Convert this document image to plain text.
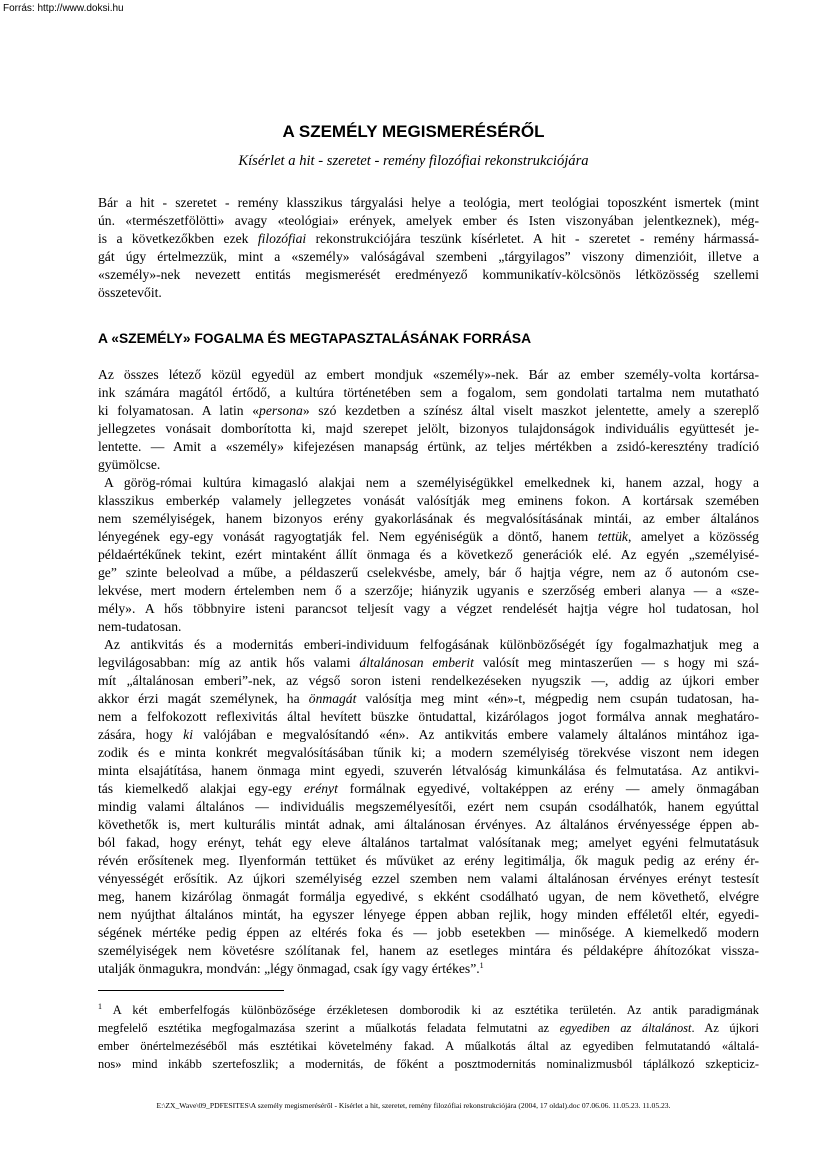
Forrás: http://www.doksi.hu
A SZEMÉLY MEGISMERÉSÉRŐL

Kísérlet a hit - szeretet - remény filozófiai rekonstrukciójára

A «SZEMÉLY» FOGALMA ÉS MEGTAPASZTALÁSÁNAK FORRÁSA
Bár a hit - szeretet - remény klasszikus tárgyalási helye a teológia, mert teológiai toposzként ismertek (mint
ún. «természetfölötti» avagy «teológiai» erények, amelyek ember és Isten viszonyában jelentkeznek), még-
is a következőkben ezek filozófiai rekonstrukciójára teszünk kísérletet. A hit - szeretet - remény hármassá-
gát úgy értelmezzük, mint a «személy» valóságával szembeni „tárgyilagos” viszony dimenzióit, illetve a
«személy»-nek nevezett entitás megismerését eredményező kommunikatív-kölcsönös létközösség szellemi
összetevőit.
Az összes létező közül egyedül az embert mondjuk «személy»-nek. Bár az ember személy-volta kortársa-
ink számára magától értődő, a kultúra történetében sem a fogalom, sem gondolati tartalma nem mutatható
ki folyamatosan. A latin «persona» szó kezdetben a színész által viselt maszkot jelentette, amely a szereplő
jellegzetes vonásait domborította ki, majd szerepet jelölt, bizonyos tulajdonságok individuális együttesét je-
lentette. — Amit a «személy» kifejezésen manapság értünk, az teljes mértékben a zsidó-keresztény tradíció
gyümölcse.
A görög-római kultúra kimagasló alakjai nem a személyiségükkel emelkednek ki, hanem azzal, hogy a
klasszikus emberkép valamely jellegzetes vonását valósítják meg eminens fokon. A kortársak szemében
nem személyiségek, hanem bizonyos erény gyakorlásának és megvalósításának mintái, az ember általános
lényegének egy-egy vonását ragyogtatják fel. Nem egyéniségük a döntő, hanem tettük, amelyet a közösség
példaértékűnek tekint, ezért mintaként állít önmaga és a következő generációk elé. Az egyén „személyisé-
ge” szinte beleolvad a műbe, a példaszerű cselekvésbe, amely, bár ő hajtja végre, nem az ő autonóm cse-
lekvése, mert modern értelemben nem ő a szerzője; hiányzik ugyanis e szerzőség emberi alanya — a «sze-
mély». A hős többnyire isteni parancsot teljesít vagy a végzet rendelését hajtja végre hol tudatosan, hol
nem-tudatosan.
Az antikvitás és a modernitás emberi-individuum felfogásának különbözőségét így fogalmazhatjuk meg a
legvilágosabban: míg az antik hős valami általánosan emberit valósít meg mintaszerűen — s hogy mi szá-
mít „általánosan emberi”-nek, az végső soron isteni rendelkezéseken nyugszik —, addig az újkori ember
akkor érzi magát személynek, ha önmagát valósítja meg mint «én»-t, mégpedig nem csupán tudatosan, ha-
nem a felfokozott reflexivitás által hevített büszke öntudattal, kizárólagos jogot formálva annak meghatáro-
zására, hogy ki valójában e megvalósítandó «én». Az antikvitás embere valamely általános mintához iga-
zodik és e minta konkrét megvalósításában tűnik ki; a modern személyiség törekvése viszont nem idegen
minta elsajátítása, hanem önmaga mint egyedi, szuverén létvalóság kimunkálása és felmutatása. Az antikvi-
tás kiemelkedő alakjai egy-egy erényt formálnak egyedivé, voltaképpen az erény — amely önmagában
mindig valami általános — individuális megszemélyesítői, ezért nem csupán csodálhatók, hanem egyúttal
követhetők is, mert kulturális mintát adnak, ami általánosan érvényes. Az általános érvényessége éppen ab-
ból fakad, hogy erényt, tehát egy eleve általános tartalmat valósítanak meg; amelyet egyéni felmutatásuk
révén erősítenek meg. Ilyenformán tettüket és művüket az erény legitimálja, ők maguk pedig az erény ér-
vényességét erősítik. Az újkori személyiség ezzel szemben nem valami általánosan érvényes erényt testesít
meg, hanem kizárólag önmagát formálja egyedivé, s ekként csodálható ugyan, de nem követhető, elvégre
nem nyújthat általános mintát, ha egyszer lényege éppen abban rejlik, hogy minden efféletől eltér, egyedi-
ségének mértéke pedig éppen az eltérés foka és — jobb esetekben — minősége. A kiemelkedő modern
személyiségek nem követésre szólítanak fel, hanem az esetleges mintára és példaképre áhítozókat vissza-
utalják önmagukra, mondván: „légy önmagad, csak így vagy értékes”.$^1$
$^1$ A két emberfelfogás különbözősége érzékletesen domborodik ki az esztétika területén. Az antik paradigmának
megfelelő esztétika megfogalmazása szerint a műalkotás feladata felmutatni az egyediben az általánost. Az újkori
ember önértelmezéséből más esztétikai követelmény fakad. A műalkotás által az egyediben felmutatandó «általá-
nos» mind inkább szertefoszlik; a modernitás, de főként a posztmodernitás nominalizmusból táplálkozó szkepticiz-
E:\ZX_Wave\09_PDFESITES\A személy megismeréséről - Kísérlet a hit, szeretet, remény filozófiai rekonstrukciójára (2004, 17 oldal).doc 07.06.06. 11.05.23. 11.05.23.
